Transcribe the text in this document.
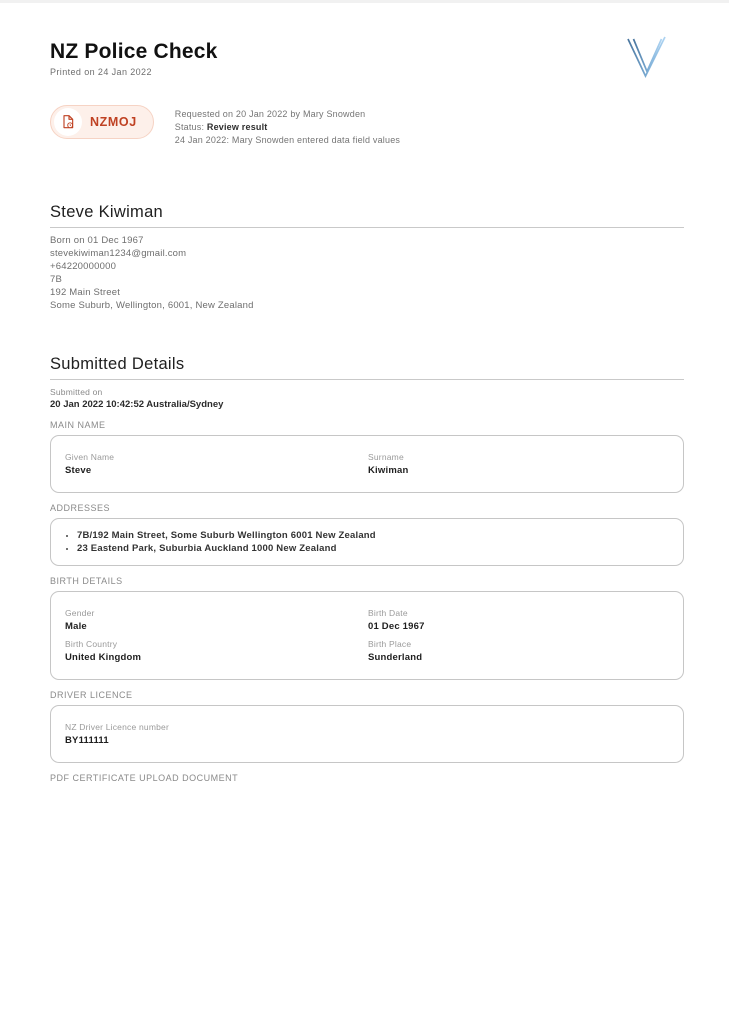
NZ Police Check
Printed on 24 Jan 2022
NZMOJ
Requested on 20 Jan 2022 by Mary Snowden
Status: Review result
24 Jan 2022: Mary Snowden entered data field values
Steve Kiwiman
Born on 01 Dec 1967
stevekiwiman1234@gmail.com
+64220000000
7B
192 Main Street
Some Suburb, Wellington, 6001, New Zealand
Submitted Details
Submitted on
20 Jan 2022 10:42:52 Australia/Sydney
MAIN NAME
Given Name
Steve
Surname
Kiwiman
ADDRESSES
• 7B/192 Main Street, Some Suburb Wellington 6001 New Zealand
• 23 Eastend Park, Suburbia Auckland 1000 New Zealand
BIRTH DETAILS
Gender
Male
Birth Date
01 Dec 1967
Birth Country
United Kingdom
Birth Place
Sunderland
DRIVER LICENCE
NZ Driver Licence number
BY111111
PDF CERTIFICATE UPLOAD DOCUMENT
